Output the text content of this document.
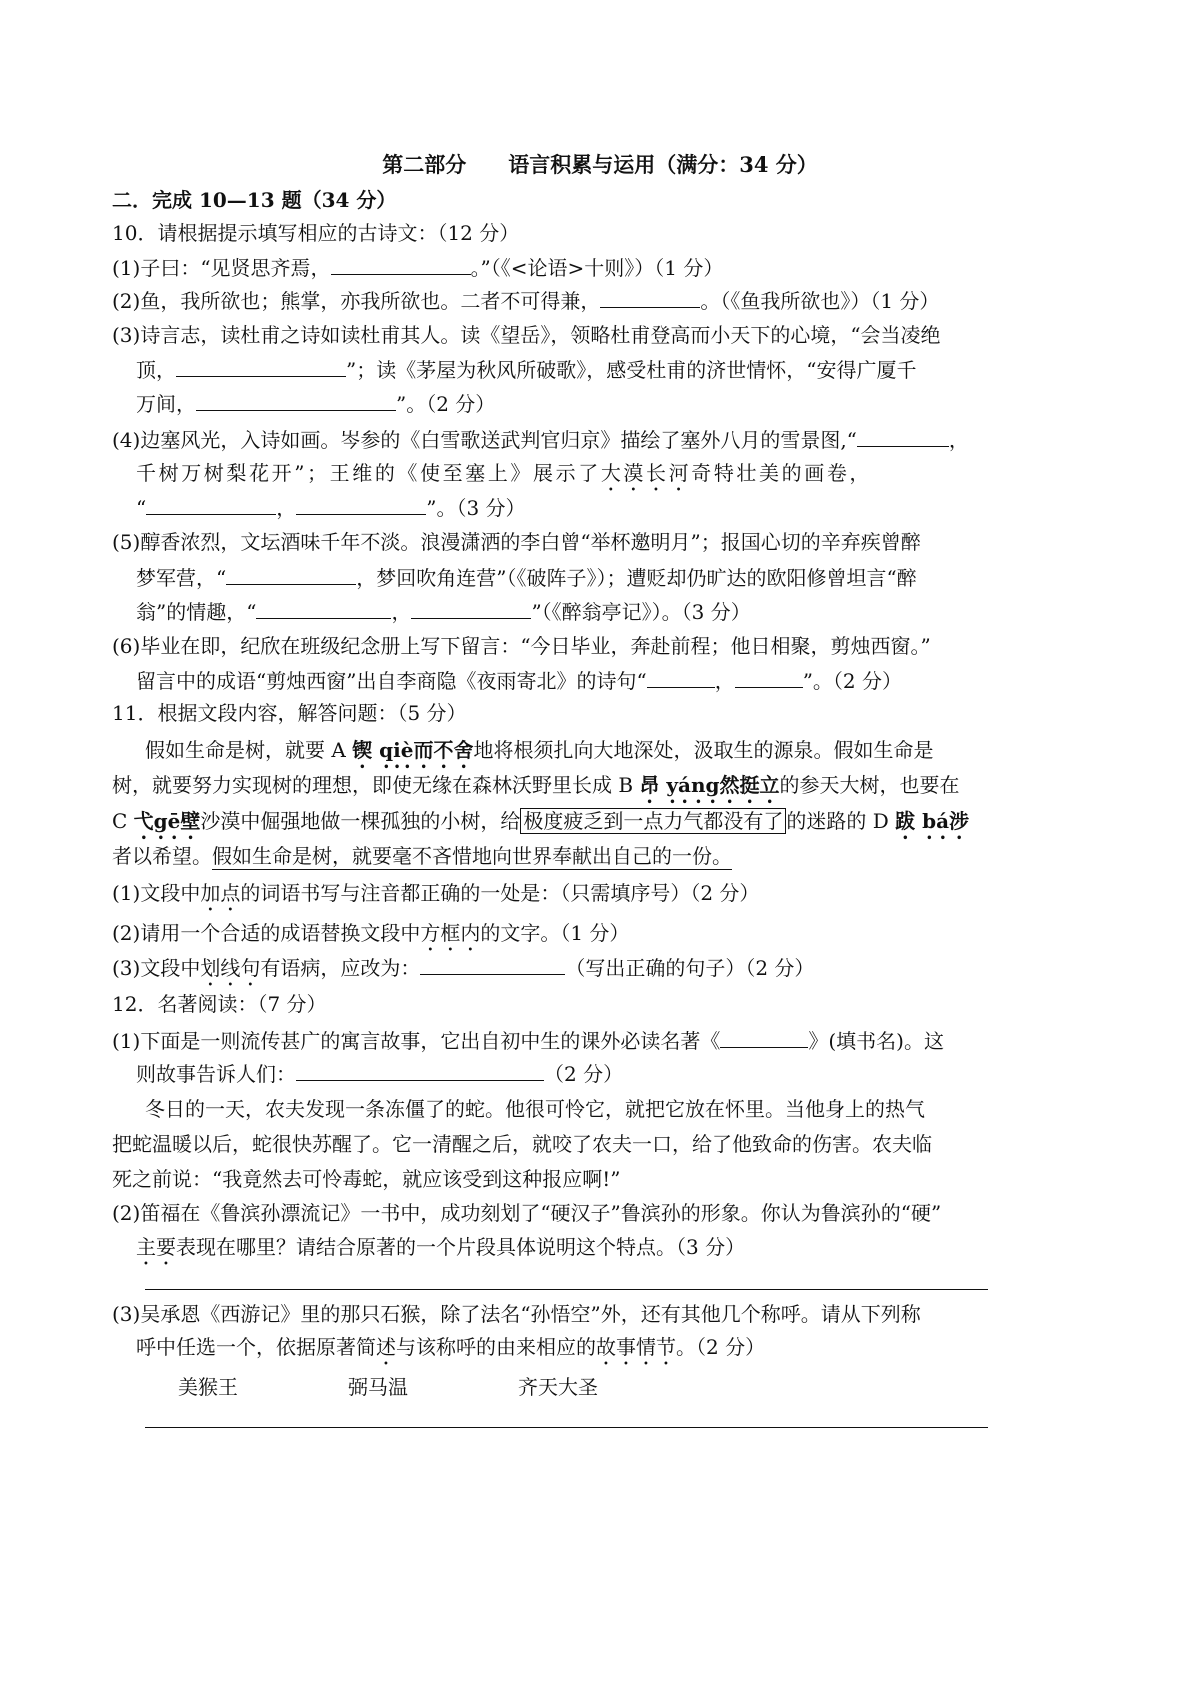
第二部分　　语言积累与运用（满分：34 分）
二．完成 10—13 题（34 分）
10．请根据提示填写相应的古诗文：（12 分）
(1)子曰：“见贤思齐焉，	。”（《<论语>十则》）（1 分）
(2)鱼，我所欲也；熊掌，亦我所欲也。二者不可得兼，	。（《鱼我所欲也》）（1 分）
(3)诗言志，读杜甫之诗如读杜甫其人。读《望岳》，领略杜甫登高而小天下的心境，“会当凌绝
顶，	”；读《茅屋为秋风所破歌》，感受杜甫的济世情怀，“安得广厦千
万间，	”。（2 分）
(4)边塞风光，入诗如画。岑参的《白雪歌送武判官归京》描绘了塞外八月的雪景图,“	，
千树万树梨花开”；王维的《使至塞上》展示了大漠长河奇特壮美的画卷，
“	，	”。（3 分）
(5)醇香浓烈，文坛酒味千年不淡。浪漫潇洒的李白曾“举杯邀明月”；报国心切的辛弃疾曾醉
梦军营，“	，梦回吹角连营”（《破阵子》）；遭贬却仍旷达的欧阳修曾坦言“醉
翁”的情趣，“	，	”（《醉翁亭记》）。（3 分）
(6)毕业在即，纪欣在班级纪念册上写下留言：“今日毕业，奔赴前程；他日相聚，剪烛西窗。”
留言中的成语“剪烛西窗”出自李商隐《夜雨寄北》的诗句“	，	”。（2 分）
11．根据文段内容，解答问题：（5 分）
假如生命是树，就要 A 锲 qiè而不舍地将根须扎向大地深处，汲取生的源泉。假如生命是
树，就要努力实现树的理想，即使无缘在森林沃野里长成 B 昂 yáng然挺立的参天大树，也要在
C 弋gē壁沙漠中倔强地做一棵孤独的小树，给 极度疲乏到一点力气都没有了 的迷路的 D 跋 bá涉
者以希望。假如生命是树，就要毫不吝惜地向世界奉献出自己的一份。
(1)文段中加点的词语书写与注音都正确的一处是：（只需填序号）（2 分）
(2)请用一个合适的成语替换文段中方框内的文字。（1 分）
(3)文段中划线句有语病，应改为：	（写出正确的句子）（2 分）
12．名著阅读：（7 分）
(1)下面是一则流传甚广的寓言故事，它出自初中生的课外必读名著《	》(填书名)。这
则故事告诉人们：	（2 分）
冬日的一天，农夫发现一条冻僵了的蛇。他很可怜它，就把它放在怀里。当他身上的热气
把蛇温暖以后，蛇很快苏醒了。它一清醒之后，就咬了农夫一口，给了他致命的伤害。农夫临
死之前说：“我竟然去可怜毒蛇，就应该受到这种报应啊!”
(2)笛福在《鲁滨孙漂流记》一书中，成功刻划了“硬汉子”鲁滨孙的形象。你认为鲁滨孙的“硬”
主要表现在哪里？请结合原著的一个片段具体说明这个特点。（3 分）
(3)吴承恩《西游记》里的那只石猴，除了法名“孙悟空”外，还有其他几个称呼。请从下列称
呼中任选一个，依据原著简述与该称呼的由来相应的故事情节。（2 分）
美猴王	弼马温	齐天大圣
